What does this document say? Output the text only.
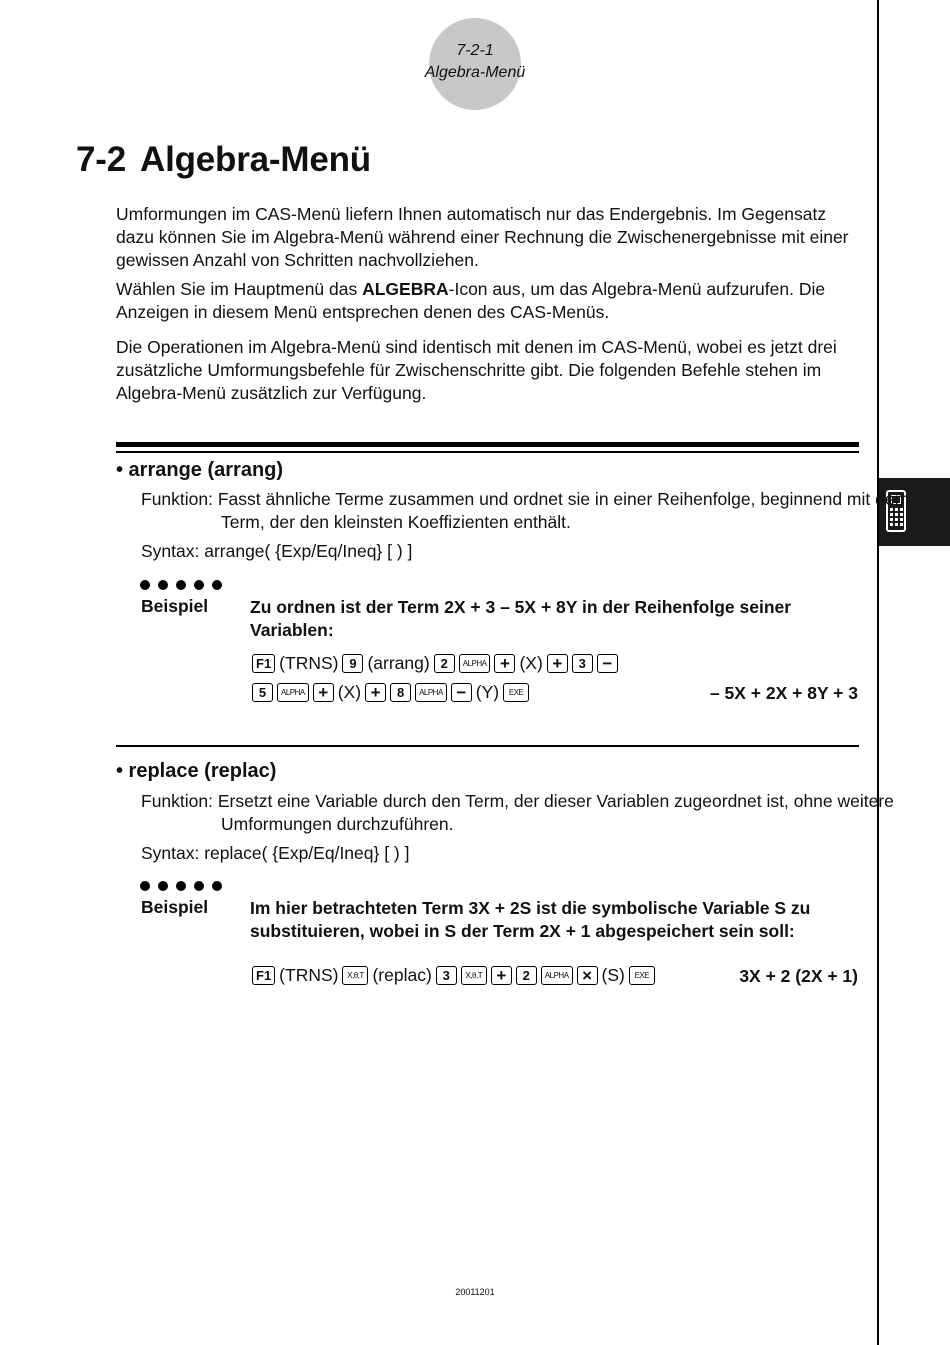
7-2-1
Algebra-Menü
7-2 Algebra-Menü
Umformungen im CAS-Menü liefern Ihnen automatisch nur das Endergebnis. Im Gegensatz dazu können Sie im Algebra-Menü während einer Rechnung die Zwischenergebnisse mit einer gewissen Anzahl von Schritten nachvollziehen.
Wählen Sie im Hauptmenü das ALGEBRA-Icon aus, um das Algebra-Menü aufzurufen. Die Anzeigen in diesem Menü entsprechen denen des CAS-Menüs.
Die Operationen im Algebra-Menü sind identisch mit denen im CAS-Menü, wobei es jetzt drei zusätzliche Umformungsbefehle für Zwischenschritte gibt. Die folgenden Befehle stehen im Algebra-Menü zusätzlich zur Verfügung.
• arrange (arrang)
Funktion: Fasst ähnliche Terme zusammen und ordnet sie in einer Reihenfolge, beginnend mit dem Term, der den kleinsten Koeffizienten enthält.
Syntax: arrange( {Exp/Eq/Ineq} [ ) ]
Beispiel Zu ordnen ist der Term 2X + 3 – 5X + 8Y in der Reihenfolge seiner Variablen:
F1 (TRNS) 9 (arrang) 2	ALPHA + (X) +	3 −
5	ALPHA + (X) +	8	ALPHA − (Y)	EXE	– 5X + 2X + 8Y + 3
• replace (replac)
Funktion: Ersetzt eine Variable durch den Term, der dieser Variablen zugeordnet ist, ohne weitere Umformungen durchzuführen.
Syntax: replace( {Exp/Eq/Ineq} [ ) ]
Beispiel Im hier betrachteten Term 3X + 2S ist die symbolische Variable S zu substituieren, wobei in S der Term 2X + 1 abgespeichert sein soll:
F1 (TRNS)	X,θ,T (replac) 3	X,θ,T +	2	ALPHA × (S)	EXE	3X + 2 (2X + 1)
20011201
